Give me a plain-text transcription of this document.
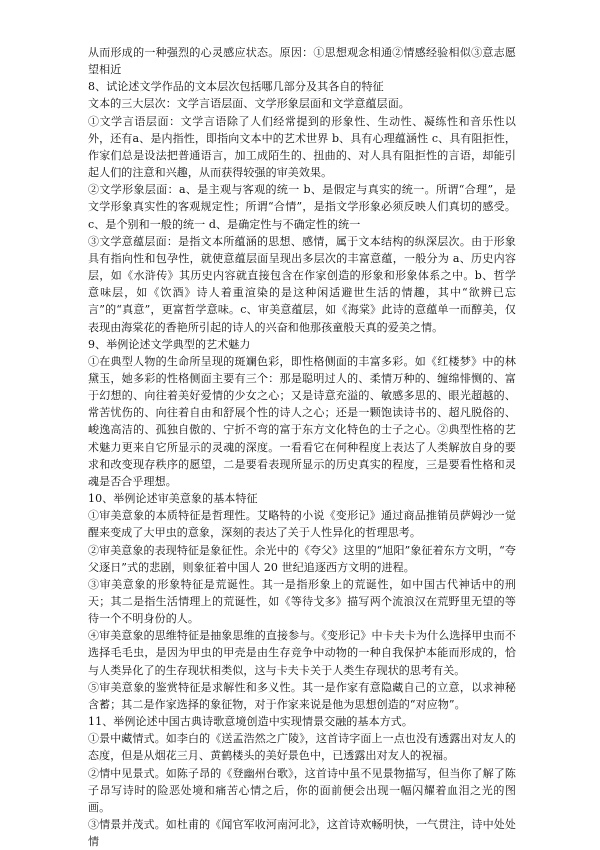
从而形成的一种强烈的心灵感应状态。原因：①思想观念相通②情感经验相似③意志愿望相近

8、试论述文学作品的文本层次包括哪几部分及其各自的特征

文本的三大层次：文学言语层面、文学形象层面和文学意蕴层面。

①文学言语层面：文学言语除了人们经常提到的形象性、生动性、凝练性和音乐性以外，还有a、是内指性，即指向文本中的艺术世界 b、具有心理蕴涵性 c、具有阻拒性，作家们总是设法把普通语言，加工成陌生的、扭曲的、对人具有阻拒性的言语，却能引起人们的注意和兴趣，从而获得较强的审美效果。

②文学形象层面：a、是主观与客观的统一 b、是假定与真实的统一。所谓“合理”，是文学形象真实性的客观规定性；所谓“合情”，是指文学形象必须反映人们真切的感受。c、是个别和一般的统一 d、是确定性与不确定性的统一

③文学意蕴层面：是指文本所蕴涵的思想、感情，属于文本结构的纵深层次。由于形象具有指向性和包孕性，就使意蕴层面呈现出多层次的丰富意蕴，一般分为 a、历史内容层，如《水浒传》其历史内容就直接包含在作家创造的形象和形象体系之中。b、哲学意味层，如《饮酒》诗人着重渲染的是这种闲适避世生活的情趣，其中“欲辨已忘言”的“真意”，更富哲学意味。c、审美意蕴层，如《海棠》此诗的意蕴单一而醇美，仅表现由海棠花的香艳所引起的诗人的兴奋和他那孩童般天真的爱美之情。

9、举例论述文学典型的艺术魅力

①在典型人物的生命所呈现的斑斓色彩，即性格侧面的丰富多彩。如《红楼梦》中的林黛玉，她多彩的性格侧面主要有三个：那是聪明过人的、柔情万种的、缠绵悱恻的、富于幻想的、向往着美好爱情的少女之心；又是诗意充溢的、敏感多思的、眼光超越的、常苦忧伤的、向往着自由和舒展个性的诗人之心；还是一颗饱读诗书的、超凡脱俗的、峻逸高洁的、孤独自傲的、宁折不弯的富于东方文化特色的士子之心。②典型性格的艺术魅力更来自它所显示的灵魂的深度。一看看它在何种程度上表达了人类解放自身的要求和改变现存秩序的愿望，二是要看表现所显示的历史真实的程度，三是要看性格和灵魂是否合乎理想。

10、举例论述审美意象的基本特征

①审美意象的本质特征是哲理性。艾略特的小说《变形记》通过商品推销员萨姆沙一觉醒来变成了大甲虫的意象，深刻的表达了关于人性异化的哲理思考。

②审美意象的表现特征是象征性。余光中的《夸父》这里的“旭阳”象征着东方文明，“夸父逐日”式的悲剧，则象征着中国人 20 世纪追逐西方文明的进程。

③审美意象的形象特征是荒诞性。其一是指形象上的荒诞性，如中国古代神话中的刑天；其二是指生活情理上的荒诞性，如《等待戈多》描写两个流浪汉在荒野里无望的等待一个不明身份的人。

④审美意象的思维特征是抽象思维的直接参与。《变形记》中卡夫卡为什么选择甲虫而不选择毛毛虫，是因为甲虫的甲壳是由生存竞争中动物的一种自我保护本能而形成的，恰与人类异化了的生存现状相类似，这与卡夫卡关于人类生存现状的思考有关。

⑤审美意象的鉴赏特征是求解性和多义性。其一是作家有意隐藏自己的立意，以求神秘含蓄；其二是作家选择的象征物，对于作家来说是他为思想创造的“对应物”。

11、举例论述中国古典诗歌意境创造中实现情景交融的基本方式。

①景中藏情式。如李白的《送孟浩然之广陵》，这首诗字面上一点也没有透露出对友人的态度，但是从烟花三月、黄鹤楼头的美好景色中，已透露出对友人的祝福。

②情中见景式。如陈子昂的《登幽州台歌》，这首诗中虽不见景物描写，但当你了解了陈子昂写诗时的险恶处境和痛苦心情之后，你的面前便会出现一幅闪耀着血泪之光的图画。

③情景并茂式。如杜甫的《闻官军收河南河北》，这首诗欢畅明快，一气贯注，诗中处处情
